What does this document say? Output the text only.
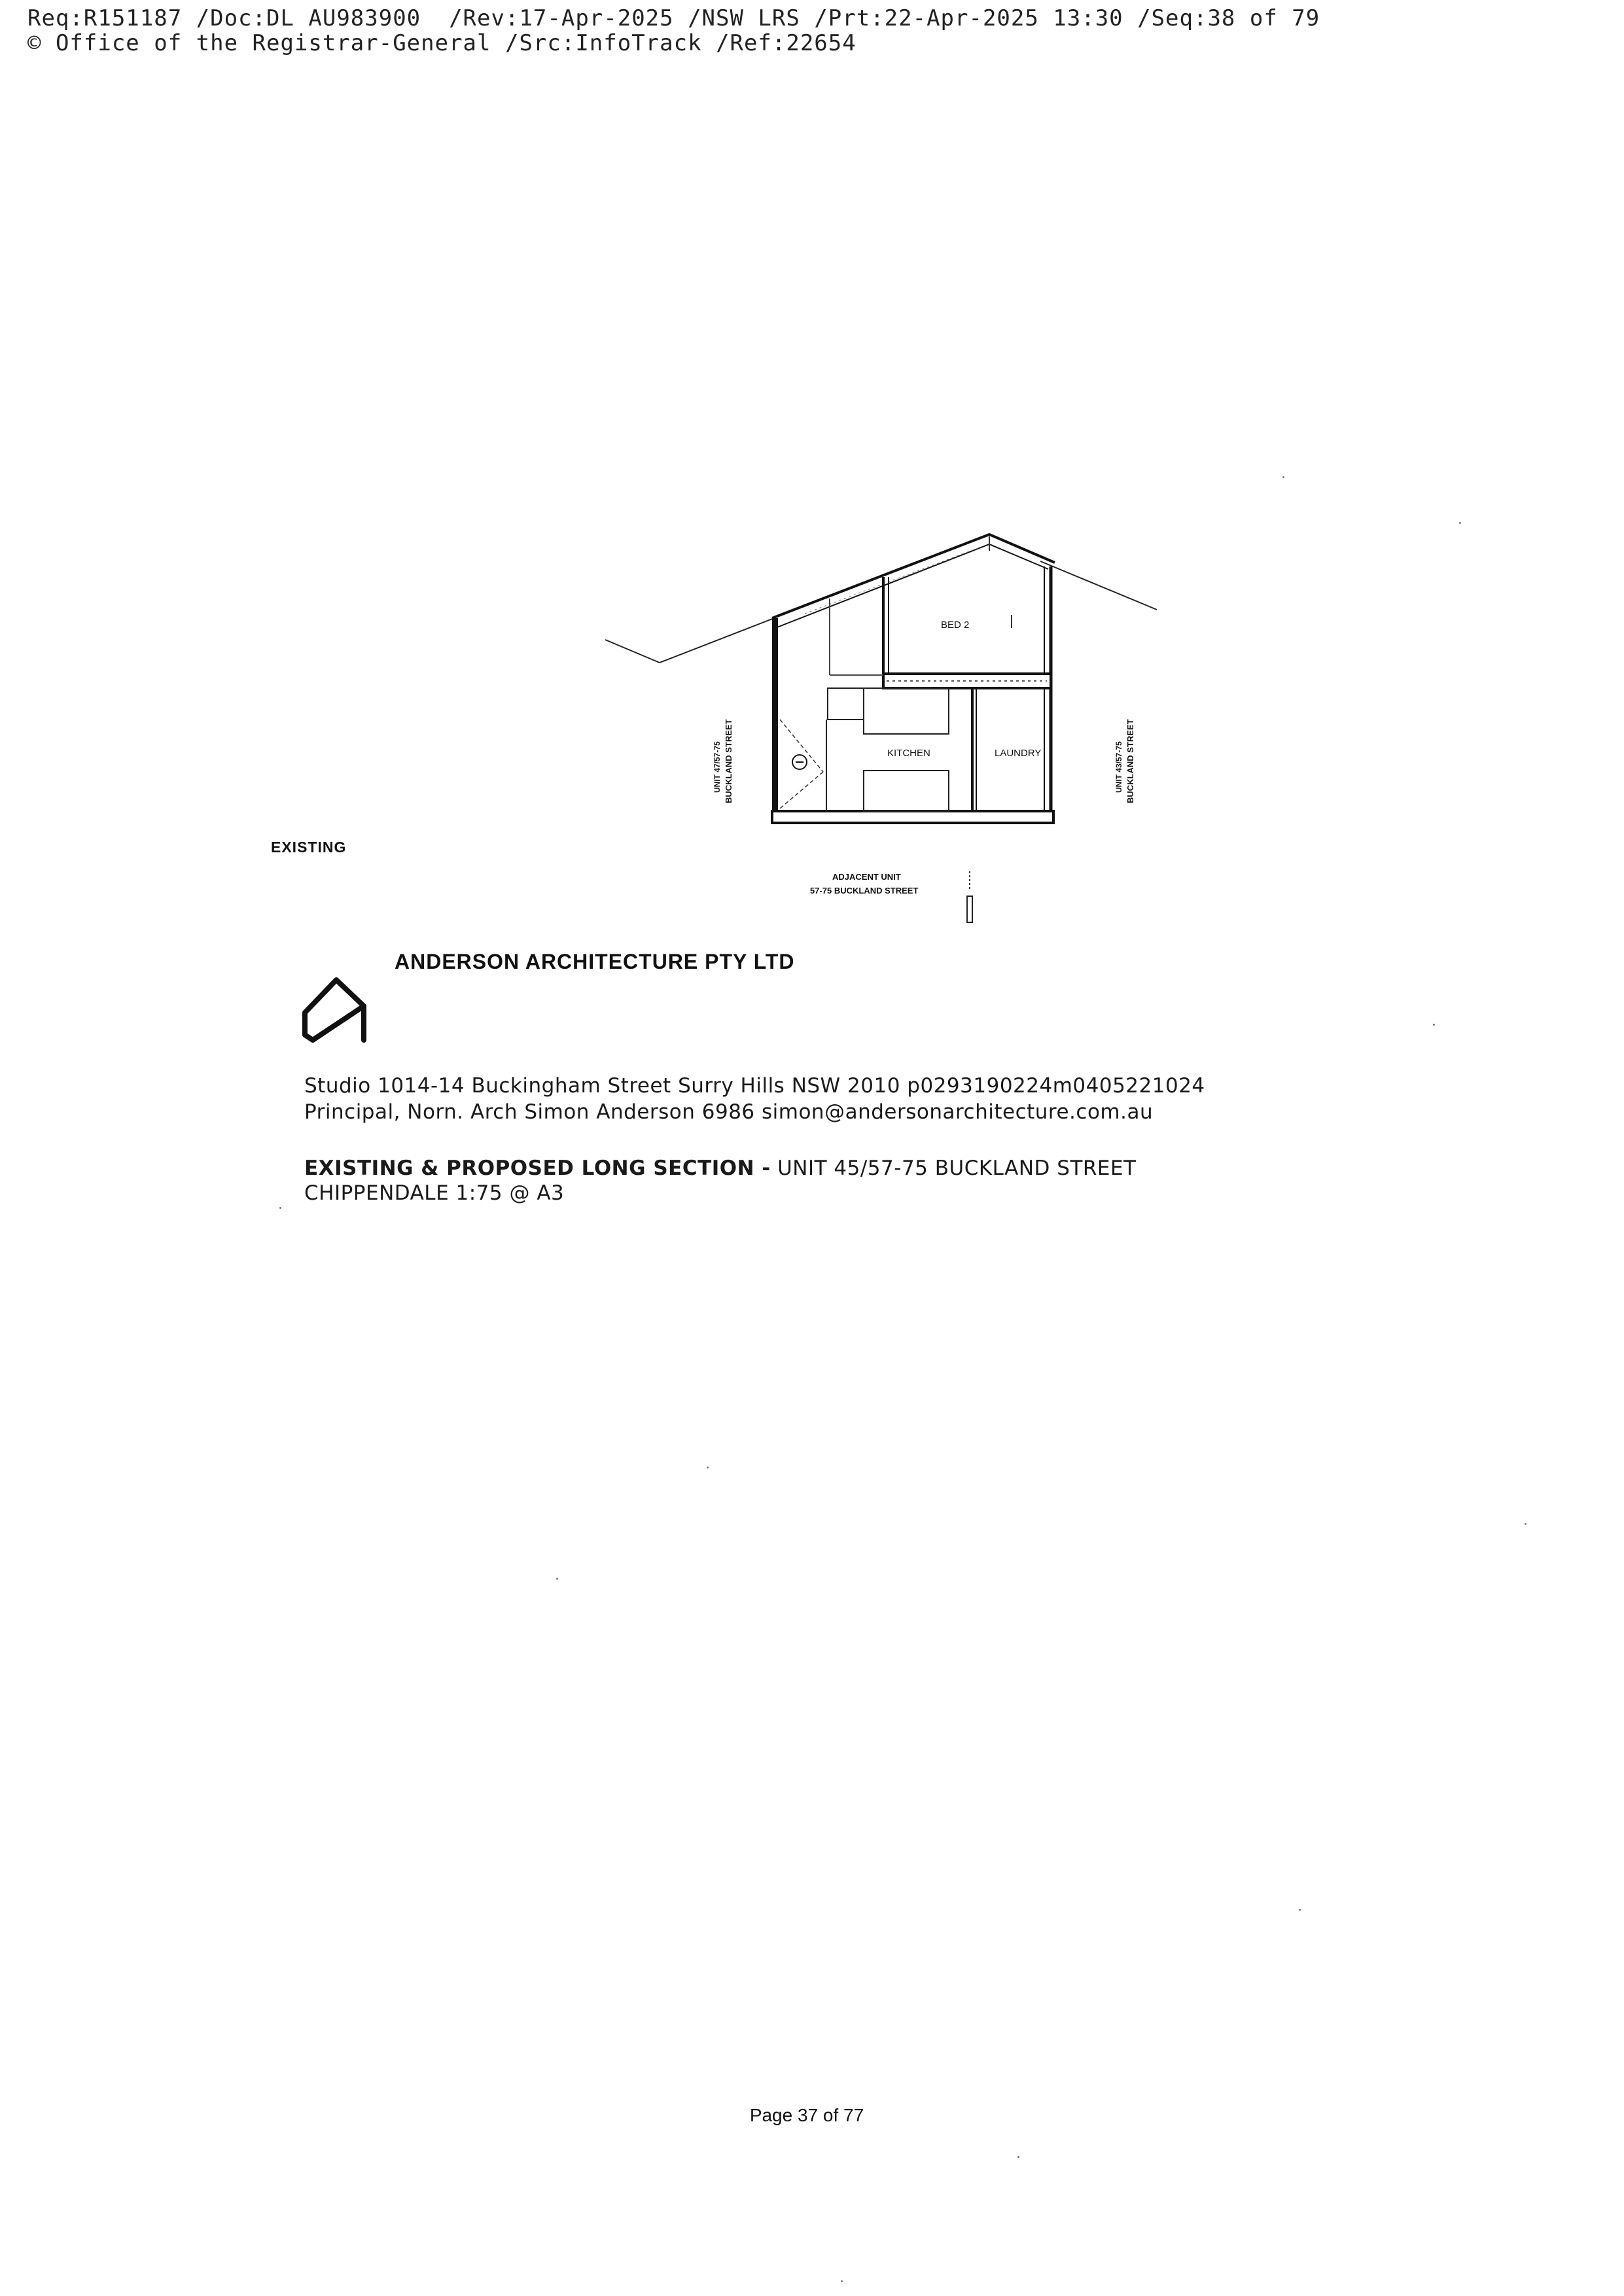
Req:R151187 /Doc:DL AU983900  /Rev:17-Apr-2025 /NSW LRS /Prt:22-Apr-2025 13:30 /Seq:38 of 79
© Office of the Registrar-General /Src:InfoTrack /Ref:22654
BED 2
KITCHEN	LAUNDRY
UNIT 47/57-75 BUCKLAND STREET	UNIT 43/57-75 BUCKLAND STREET
ADJACENT UNIT
57-75 BUCKLAND STREET
EXISTING
ANDERSON ARCHITECTURE PTY LTD
Studio 1014-14 Buckingham Street Surry Hills NSW 2010 p0293190224m0405221024
Principal, Norn. Arch Simon Anderson 6986 simon@andersonarchitecture.com.au
EXISTING & PROPOSED LONG SECTION - UNIT 45/57-75 BUCKLAND STREET
CHIPPENDALE 1:75 @ A3
Page 37 of 77
